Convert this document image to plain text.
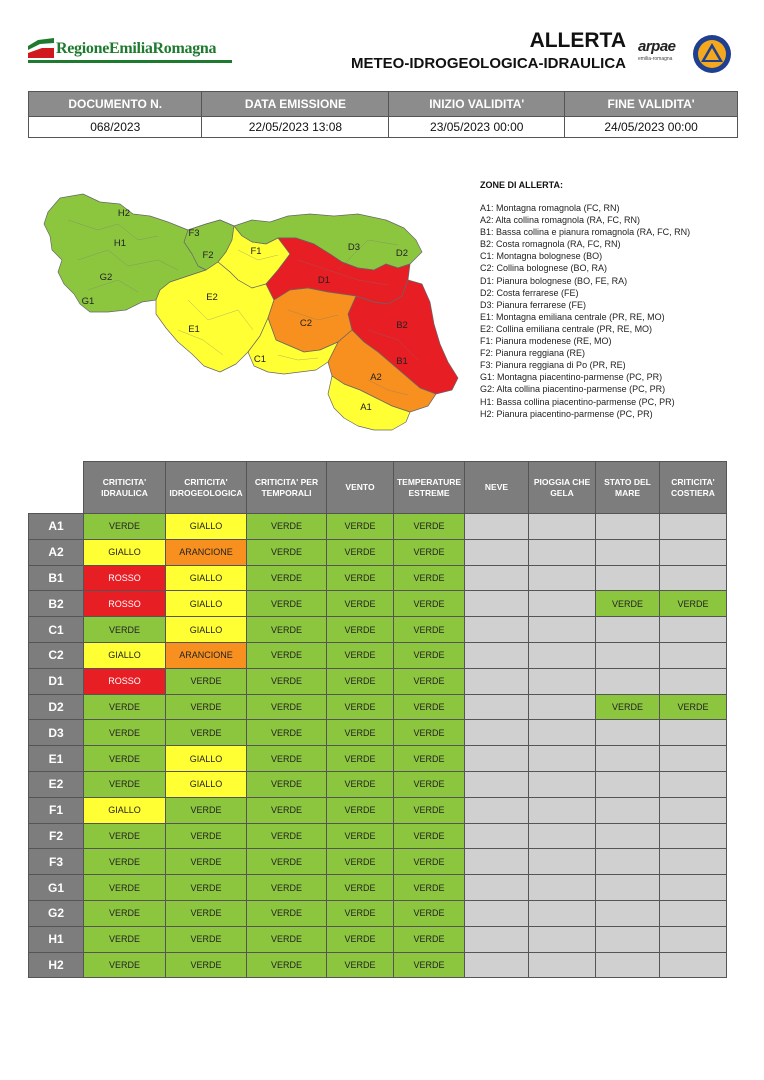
RegioneEmiliaRomagna	ALLERTA
METEO-IDROGEOLOGICA-IDRAULICA
arpae
emilia-romagna
DOCUMENTO N.	DATA EMISSIONE	INIZIO VALIDITA'	FINE VALIDITA'
068/2023	22/05/2023 13:08	23/05/2023 00:00	24/05/2023 00:00
H2
H1
G2
G1
F3
F2	F1
E2
E1
D3
D2
D1
C2
C1
B2
B1
A2
A1
ZONE DI ALLERTA:
A1: Montagna romagnola (FC, RN)
A2: Alta collina romagnola (RA, FC, RN)
B1: Bassa collina e pianura romagnola (RA, FC, RN)
B2: Costa romagnola (RA, FC, RN)
C1: Montagna bolognese (BO)
C2: Collina bolognese (BO, RA)
D1: Pianura bolognese (BO, FE, RA)
D2: Costa ferrarese (FE)
D3: Pianura ferrarese (FE)
E1: Montagna emiliana centrale (PR, RE, MO)
E2: Collina emiliana centrale (PR, RE, MO)
F1: Pianura modenese (RE, MO)
F2: Pianura reggiana (RE)
F3: Pianura reggiana di Po (PR, RE)
G1: Montagna piacentino-parmense (PC, PR)
G2: Alta collina piacentino-parmense (PC, PR)
H1: Bassa collina piacentino-parmense (PC, PR)
H2: Pianura piacentino-parmense (PC, PR)
	CRITICITA' IDRAULICA	CRITICITA' IDROGEOLOGICA	CRITICITA' PER TEMPORALI	VENTO	TEMPERATURE ESTREME	NEVE	PIOGGIA CHE GELA	STATO DEL MARE	CRITICITA' COSTIERA
A1	VERDE	GIALLO	VERDE	VERDE	VERDE				
A2	GIALLO	ARANCIONE	VERDE	VERDE	VERDE				
B1	ROSSO	GIALLO	VERDE	VERDE	VERDE				
B2	ROSSO	GIALLO	VERDE	VERDE	VERDE			VERDE	VERDE
C1	VERDE	GIALLO	VERDE	VERDE	VERDE				
C2	GIALLO	ARANCIONE	VERDE	VERDE	VERDE				
D1	ROSSO	VERDE	VERDE	VERDE	VERDE				
D2	VERDE	VERDE	VERDE	VERDE	VERDE			VERDE	VERDE
D3	VERDE	VERDE	VERDE	VERDE	VERDE				
E1	VERDE	GIALLO	VERDE	VERDE	VERDE				
E2	VERDE	GIALLO	VERDE	VERDE	VERDE				
F1	GIALLO	VERDE	VERDE	VERDE	VERDE				
F2	VERDE	VERDE	VERDE	VERDE	VERDE				
F3	VERDE	VERDE	VERDE	VERDE	VERDE				
G1	VERDE	VERDE	VERDE	VERDE	VERDE				
G2	VERDE	VERDE	VERDE	VERDE	VERDE				
H1	VERDE	VERDE	VERDE	VERDE	VERDE				
H2	VERDE	VERDE	VERDE	VERDE	VERDE				
